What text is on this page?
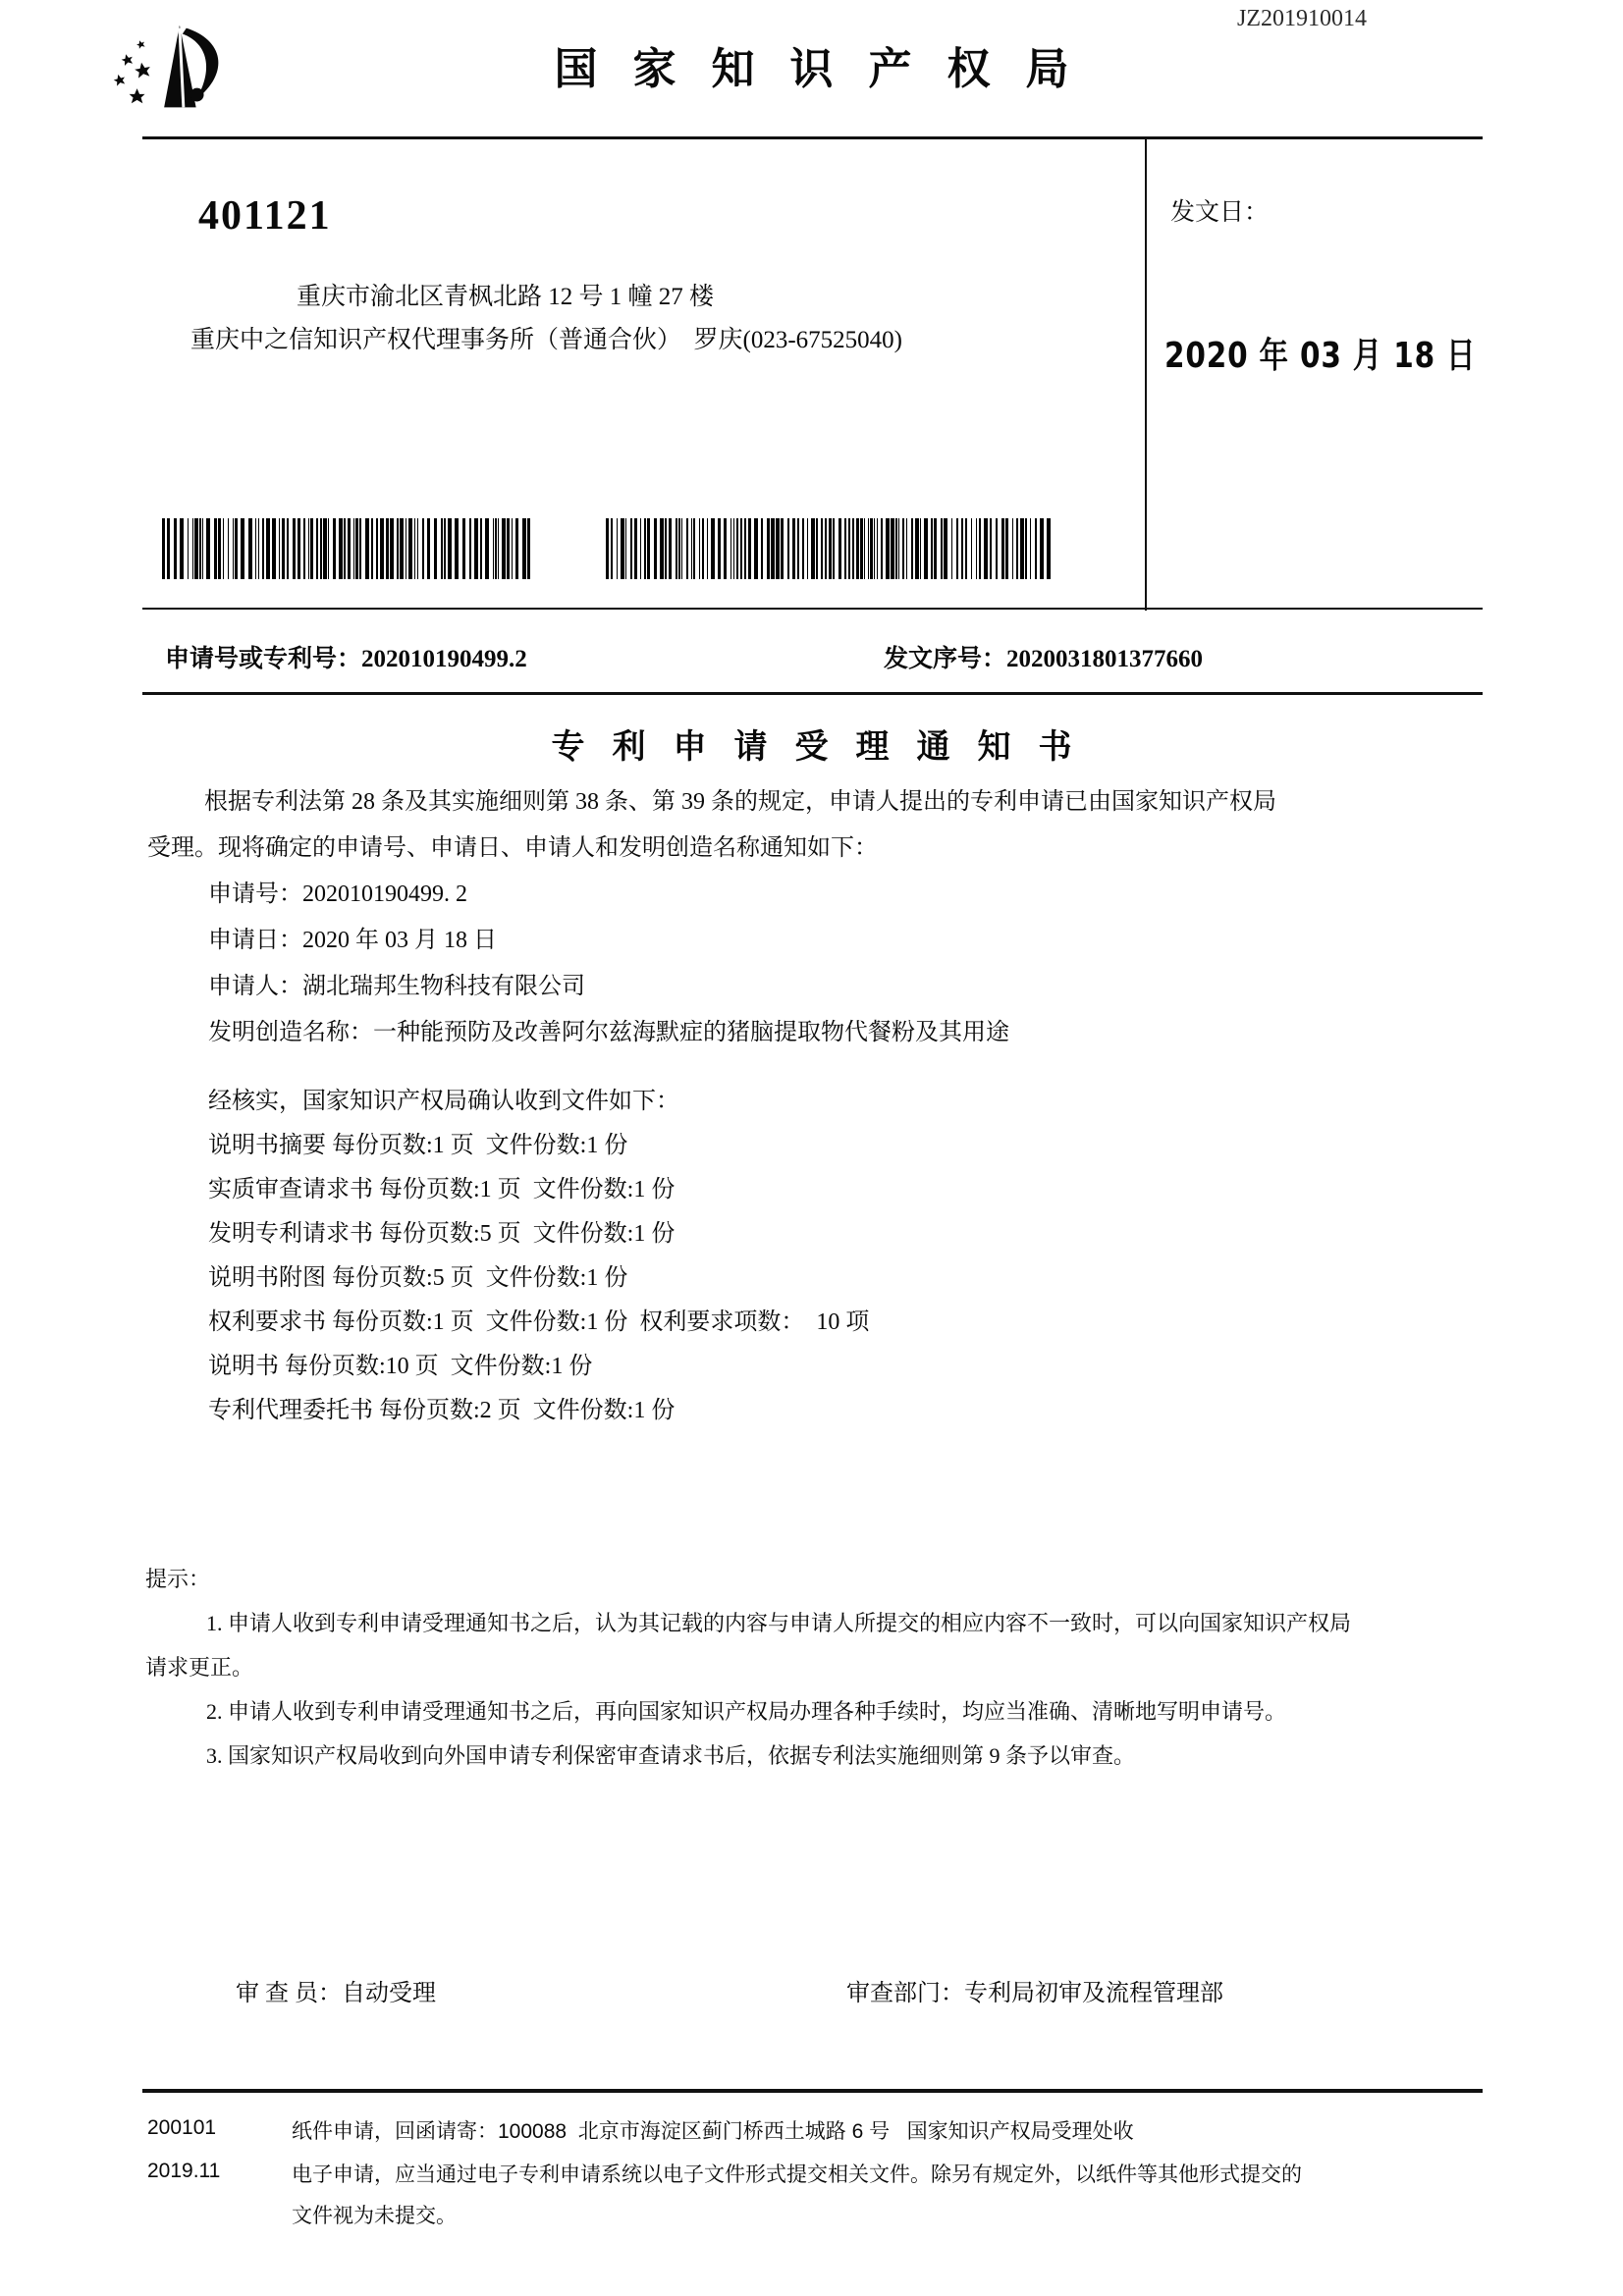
国家知识产权局
JZ201910014
401121
重庆市渝北区青枫北路 12 号 1 幢 27 楼
重庆中之信知识产权代理事务所（普通合伙）  罗庆(023-67525040)
发文日：
2020 年 03 月 18 日
申请号或专利号：202010190499.2	发文序号：2020031801377660
专利申请受理通知书
根据专利法第 28 条及其实施细则第 38 条、第 39 条的规定，申请人提出的专利申请已由国家知识产权局
受理。现将确定的申请号、申请日、申请人和发明创造名称通知如下：
申请号：202010190499. 2
申请日：2020 年 03 月 18 日
申请人：湖北瑞邦生物科技有限公司
发明创造名称：一种能预防及改善阿尔兹海默症的猪脑提取物代餐粉及其用途
经核实，国家知识产权局确认收到文件如下：
说明书摘要 每份页数:1 页  文件份数:1 份
实质审查请求书 每份页数:1 页  文件份数:1 份
发明专利请求书 每份页数:5 页  文件份数:1 份
说明书附图 每份页数:5 页  文件份数:1 份
权利要求书 每份页数:1 页  文件份数:1 份  权利要求项数：  10 项
说明书 每份页数:10 页  文件份数:1 份
专利代理委托书 每份页数:2 页  文件份数:1 份
提示：
1. 申请人收到专利申请受理通知书之后，认为其记载的内容与申请人所提交的相应内容不一致时，可以向国家知识产权局
请求更正。
2. 申请人收到专利申请受理通知书之后，再向国家知识产权局办理各种手续时，均应当准确、清晰地写明申请号。
3. 国家知识产权局收到向外国申请专利保密审查请求书后，依据专利法实施细则第 9 条予以审查。
审 查 员：自动受理	审查部门：专利局初审及流程管理部
200101
2019.11
纸件申请，回函请寄：100088  北京市海淀区蓟门桥西土城路 6 号   国家知识产权局受理处收
电子申请，应当通过电子专利申请系统以电子文件形式提交相关文件。除另有规定外，以纸件等其他形式提交的
文件视为未提交。
